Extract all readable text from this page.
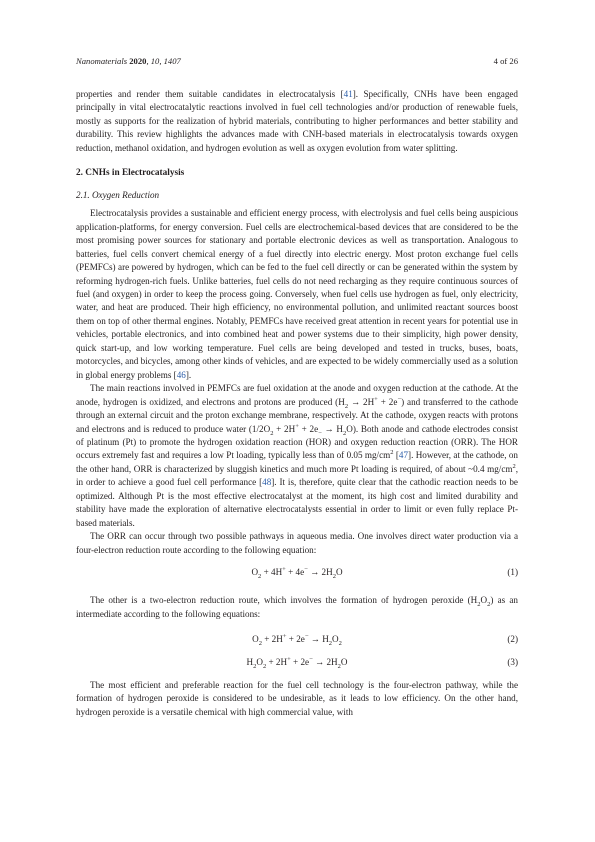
Nanomaterials 2020, 10, 1407	4 of 26

properties and render them suitable candidates in electrocatalysis [41]. Specifically, CNHs have been engaged principally in vital electrocatalytic reactions involved in fuel cell technologies and/or production of renewable fuels, mostly as supports for the realization of hybrid materials, contributing to higher performances and better stability and durability. This review highlights the advances made with CNH-based materials in electrocatalysis towards oxygen reduction, methanol oxidation, and hydrogen evolution as well as oxygen evolution from water splitting.

2. CNHs in Electrocatalysis
2.1. Oxygen Reduction

Electrocatalysis provides a sustainable and efficient energy process, with electrolysis and fuel cells being auspicious application-platforms, for energy conversion. Fuel cells are electrochemical-based devices that are considered to be the most promising power sources for stationary and portable electronic devices as well as transportation. Analogous to batteries, fuel cells convert chemical energy of a fuel directly into electric energy. Most proton exchange fuel cells (PEMFCs) are powered by hydrogen, which can be fed to the fuel cell directly or can be generated within the system by reforming hydrogen-rich fuels. Unlike batteries, fuel cells do not need recharging as they require continuous sources of fuel (and oxygen) in order to keep the process going. Conversely, when fuel cells use hydrogen as fuel, only electricity, water, and heat are produced. Their high efficiency, no environmental pollution, and unlimited reactant sources boost them on top of other thermal engines. Notably, PEMFCs have received great attention in recent years for potential use in vehicles, portable electronics, and into combined heat and power systems due to their simplicity, high power density, quick start-up, and low working temperature. Fuel cells are being developed and tested in trucks, buses, boats, motorcycles, and bicycles, among other kinds of vehicles, and are expected to be widely commercially used as a solution in global energy problems [46].

The main reactions involved in PEMFCs are fuel oxidation at the anode and oxygen reduction at the cathode. At the anode, hydrogen is oxidized, and electrons and protons are produced $(H_2 \to 2H^+ + 2e^-)$ and transferred to the cathode through an external circuit and the proton exchange membrane, respectively. At the cathode, oxygen reacts with protons and electrons and is reduced to produce water $(1/2O_2 + 2H^+ + 2e_- \to H_2O)$. Both anode and cathode electrodes consist of platinum (Pt) to promote the hydrogen oxidation reaction (HOR) and oxygen reduction reaction (ORR). The HOR occurs extremely fast and requires a low Pt loading, typically less than of 0.05 $mg/cm^2$ [47]. However, at the cathode, on the other hand, ORR is characterized by sluggish kinetics and much more Pt loading is required, of about ~0.4 $mg/cm^2$, in order to achieve a good fuel cell performance [48]. It is, therefore, quite clear that the cathodic reaction needs to be optimized. Although Pt is the most effective electrocatalyst at the moment, its high cost and limited durability and stability have made the exploration of alternative electrocatalysts essential in order to limit or even fully replace Pt-based materials.

The ORR can occur through two possible pathways in aqueous media. One involves direct water production via a four-electron reduction route according to the following equation:

$O_2 + 4H^+ + 4e^- \to 2H_2O$	(1)

The other is a two-electron reduction route, which involves the formation of hydrogen peroxide $(H_2O_2)$ as an intermediate according to the following equations:

$O_2 + 2H^+ + 2e^- \to H_2O_2$	(2)
$H_2O_2 + 2H^+ + 2e^- \to 2H_2O$	(3)

The most efficient and preferable reaction for the fuel cell technology is the four-electron pathway, while the formation of hydrogen peroxide is considered to be undesirable, as it leads to low efficiency. On the other hand, hydrogen peroxide is a versatile chemical with high commercial value, with
